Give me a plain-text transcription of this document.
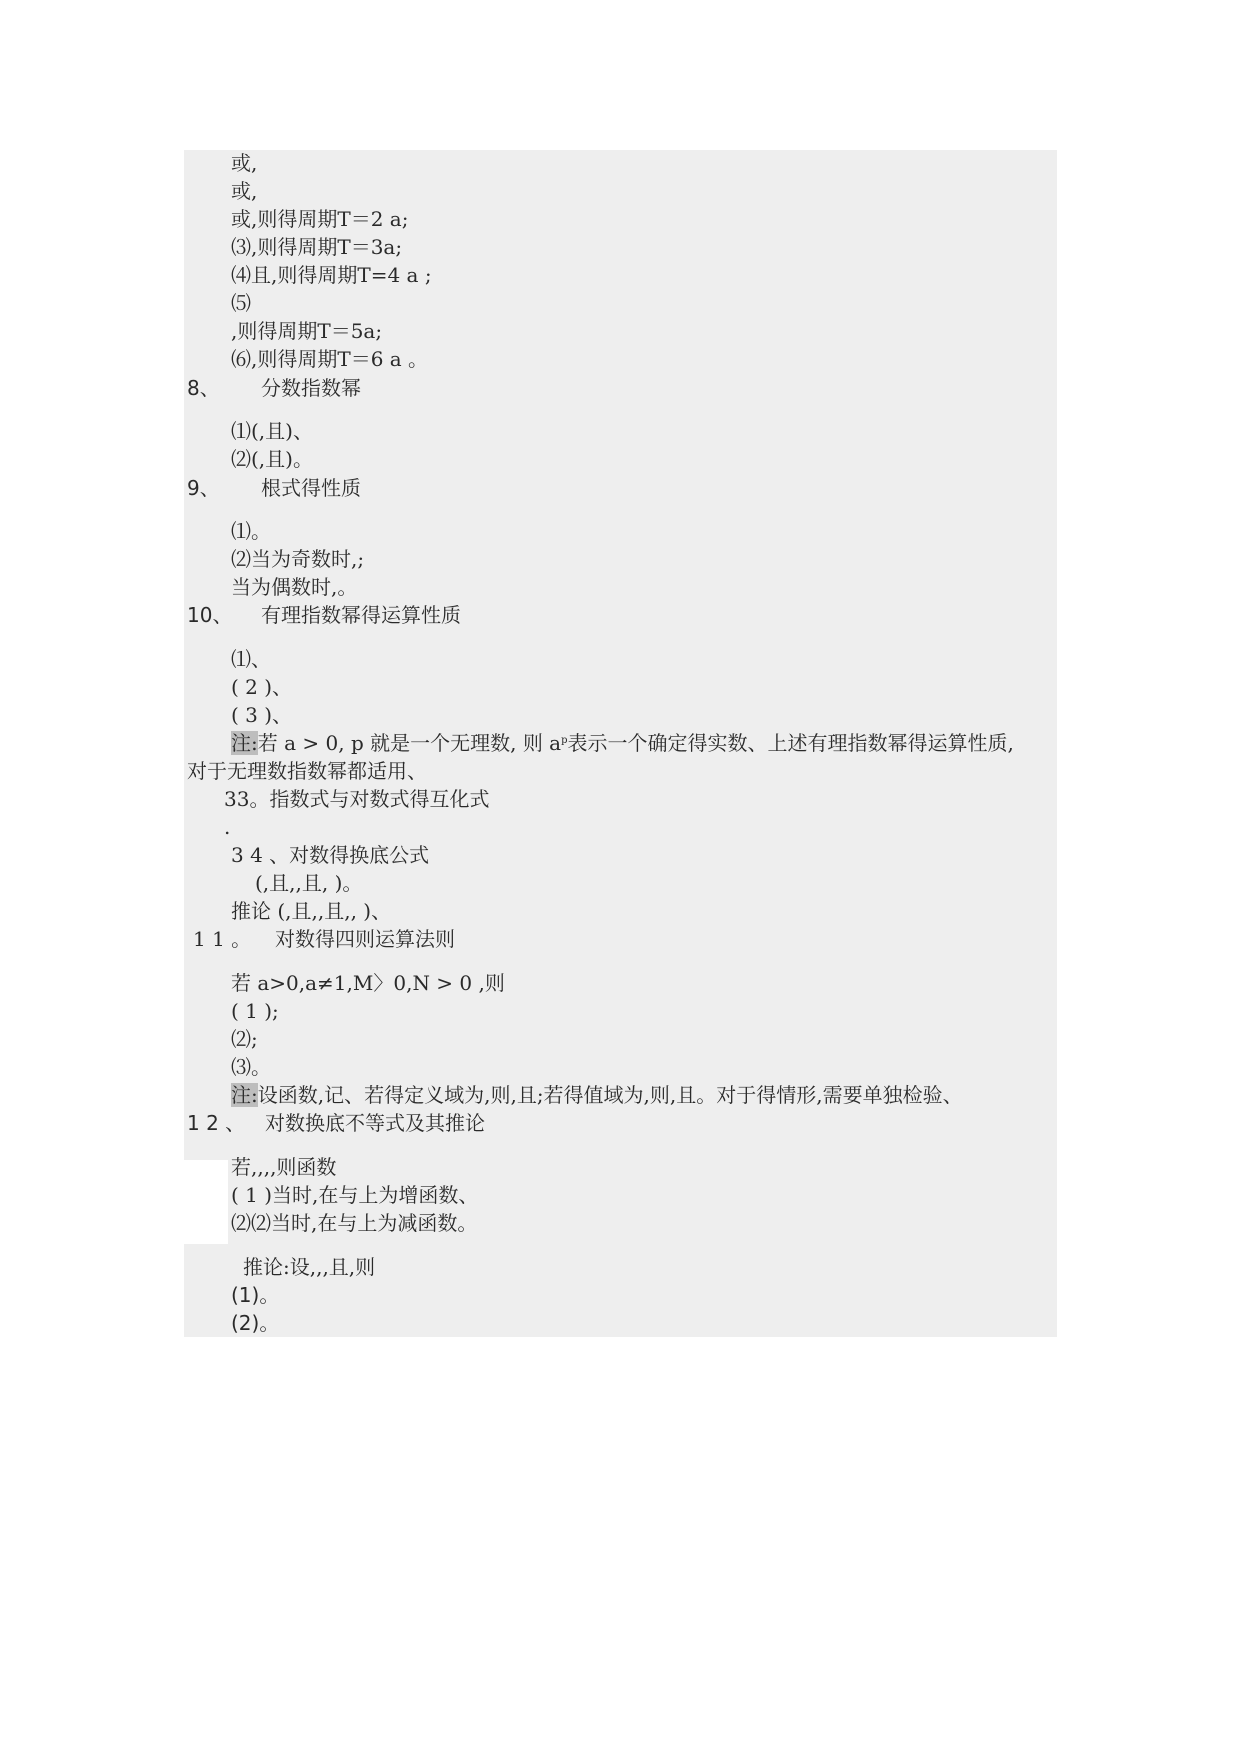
或,
或,
或,则得周期T＝2 a;
⑶,则得周期T＝3a;
⑷且,则得周期T=4 a ;
⑸
,则得周期T＝5a;
⑹,则得周期T＝6 a 。
8、 分数指数幂
⑴(,且)、
⑵(,且)。
9、 根式得性质
⑴。
⑵当为奇数时,;
当为偶数时,。
10、 有理指数幂得运算性质
⑴、
( 2 )、
( 3 )、
注:若 a > 0, p 就是一个无理数, 则 $a^p$表示一个确定得实数、上述有理指数幂得运算性质,
对于无理数指数幂都适用、
33。指数式与对数式得互化式
.
3 4 、对数得换底公式
(,且,,且, )。
推论 (,且,,且,, )、
1 1 。 对数得四则运算法则
若 a>0,a≠1,M〉0,N > 0 ,则
( 1 );
⑵;
⑶。
注:设函数,记、若得定义域为,则,且;若得值域为,则,且。对于得情形,需要单独检验、
1 2 、 对数换底不等式及其推论
若,,,,则函数
( 1 )当时,在与上为增函数、
⑵⑵当时,在与上为减函数。
推论:设,,,且,则
(1)。
(2)。
